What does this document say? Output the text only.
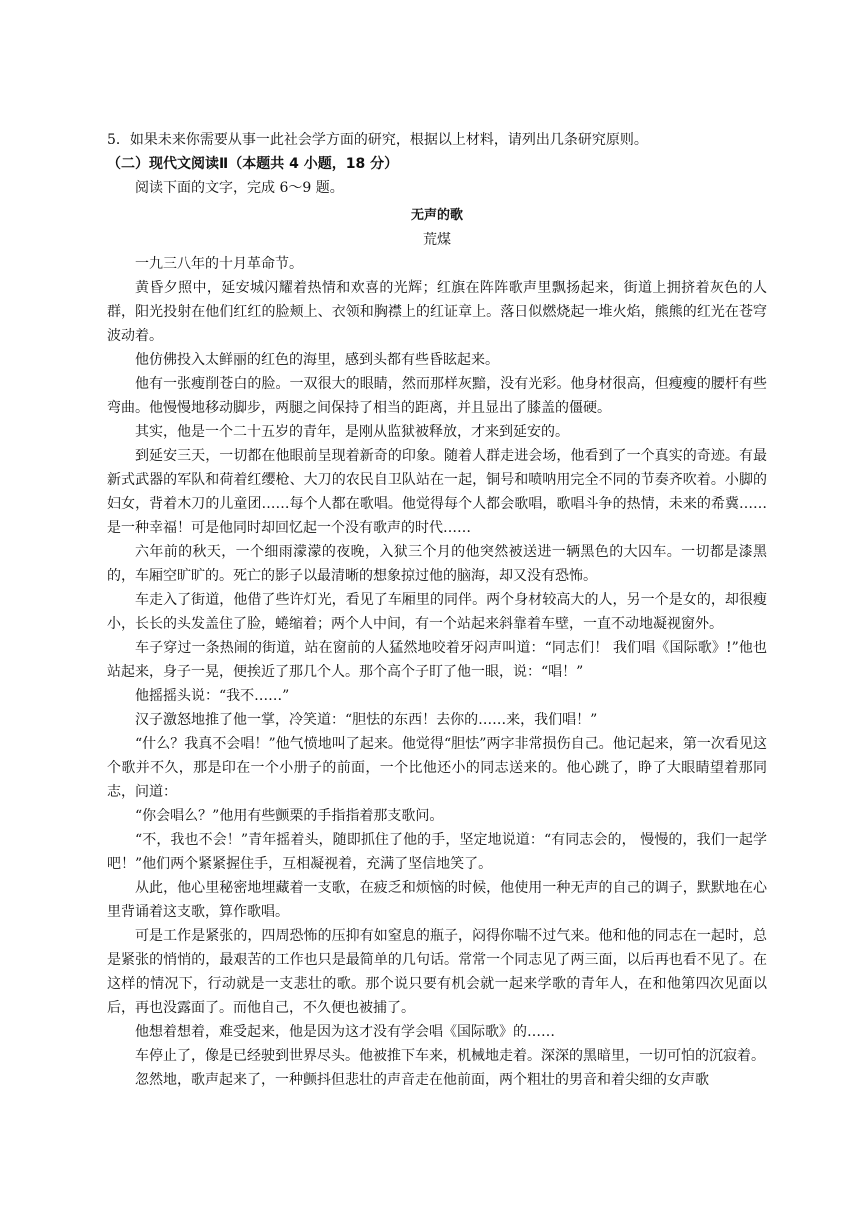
5．如果未来你需要从事一此社会学方面的研究，根据以上材料，请列出几条研究原则。

（二）现代文阅读Ⅱ（本题共 4 小题，18 分）

阅读下面的文字，完成 6～9 题。

无声的歌

荒煤

一九三八年的十月革命节。

黄昏夕照中，延安城闪耀着热情和欢喜的光辉；红旗在阵阵歌声里飘扬起来，街道上拥挤着灰色的人群，阳光投射在他们红红的脸颊上、衣领和胸襟上的红证章上。落日似燃烧起一堆火焰，熊熊的红光在苍穹波动着。

他仿佛投入太鲜丽的红色的海里，感到头都有些昏眩起来。

他有一张瘦削苍白的脸。一双很大的眼睛，然而那样灰黯，没有光彩。他身材很高，但瘦瘦的腰杆有些弯曲。他慢慢地移动脚步，两腿之间保持了相当的距离，并且显出了膝盖的僵硬。

其实，他是一个二十五岁的青年，是刚从监狱被释放，才来到延安的。

到延安三天，一切都在他眼前呈现着新奇的印象。随着人群走进会场，他看到了一个真实的奇迹。有最新式武器的军队和荷着红缨枪、大刀的农民自卫队站在一起，铜号和喷呐用完全不同的节奏齐吹着。小脚的妇女，背着木刀的儿童团……每个人都在歌唱。他觉得每个人都会歌唱，歌唱斗争的热情，未来的希冀……是一种幸福！可是他同时却回忆起一个没有歌声的时代……

六年前的秋天，一个细雨濛濛的夜晚，入狱三个月的他突然被送进一辆黑色的大囚车。一切都是漆黑的，车厢空旷旷的。死亡的影子以最清晰的想象掠过他的脑海，却又没有恐怖。

车走入了街道，他借了些许灯光，看见了车厢里的同伴。两个身材较高大的人，另一个是女的，却很瘦小，长长的头发盖住了脸，蜷缩着；两个人中间，有一个站起来斜靠着车壁，一直不动地凝视窗外。

车子穿过一条热闹的街道，站在窗前的人猛然地咬着牙闷声叫道：“同志们！ 我们唱《国际歌》!”他也站起来，身子一晃，便挨近了那几个人。那个高个子盯了他一眼，说：“唱！”

他摇摇头说：“我不……”

汉子激怒地推了他一掌，冷笑道：“胆怯的东西！去你的……来，我们唱！”

“什么？我真不会唱！”他气愤地叫了起来。他觉得“胆怯”两字非常损伤自己。他记起来，第一次看见这个歌并不久，那是印在一个小册子的前面，一个比他还小的同志送来的。他心跳了，睁了大眼睛望着那同志，问道：

“你会唱么？”他用有些颤栗的手指指着那支歌问。

“不，我也不会！”青年摇着头，随即抓住了他的手，坚定地说道：“有同志会的， 慢慢的，我们一起学吧！”他们两个紧紧握住手，互相凝视着，充满了坚信地笑了。

从此，他心里秘密地埋藏着一支歌，在疲乏和烦恼的时候，他使用一种无声的自己的调子，默默地在心里背诵着这支歌，算作歌唱。

可是工作是紧张的，四周恐怖的压抑有如窒息的瓶子，闷得你喘不过气来。他和他的同志在一起时，总是紧张的悄悄的，最艰苦的工作也只是最简单的几句话。常常一个同志见了两三面，以后再也看不见了。在这样的情况下，行动就是一支悲壮的歌。那个说只要有机会就一起来学歌的青年人，在和他第四次见面以后，再也没露面了。而他自己，不久便也被捕了。

他想着想着，难受起来，他是因为这才没有学会唱《国际歌》的……

车停止了，像是已经驶到世界尽头。他被推下车来，机械地走着。深深的黑暗里，一切可怕的沉寂着。

忽然地，歌声起来了，一种颤抖但悲壮的声音走在他前面，两个粗壮的男音和着尖细的女声歌
